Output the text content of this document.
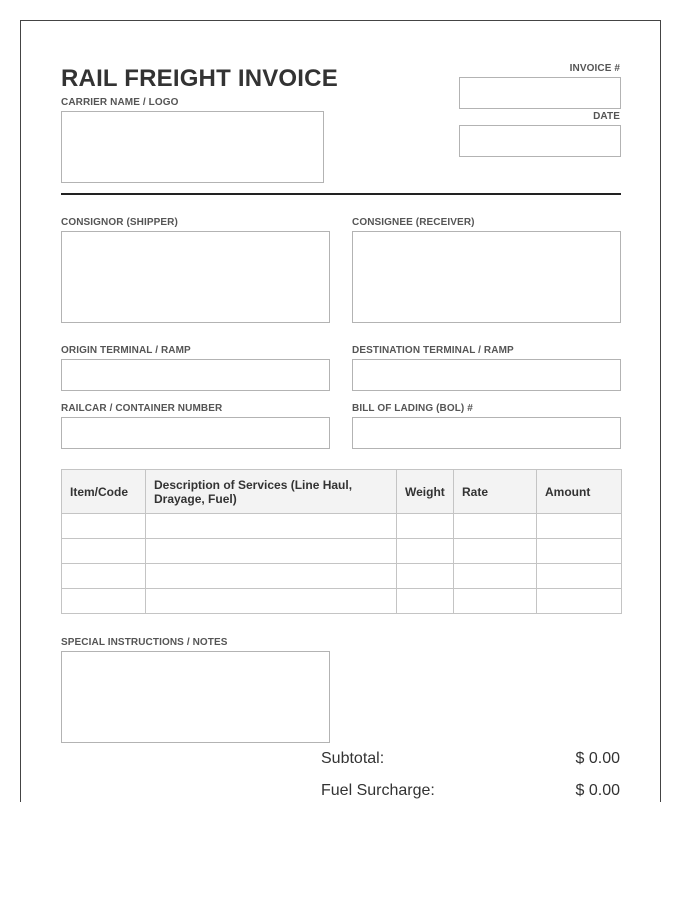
RAIL FREIGHT INVOICE
CARRIER NAME / LOGO
INVOICE #
DATE
CONSIGNOR (SHIPPER)	CONSIGNEE (RECEIVER)
ORIGIN TERMINAL / RAMP	DESTINATION TERMINAL / RAMP
RAILCAR / CONTAINER NUMBER	BILL OF LADING (BOL) #
Item/Code	Description of Services (Line Haul, Drayage, Fuel)	Weight	Rate	Amount

SPECIAL INSTRUCTIONS / NOTES
Subtotal:	$ 0.00
Fuel Surcharge:	$ 0.00
